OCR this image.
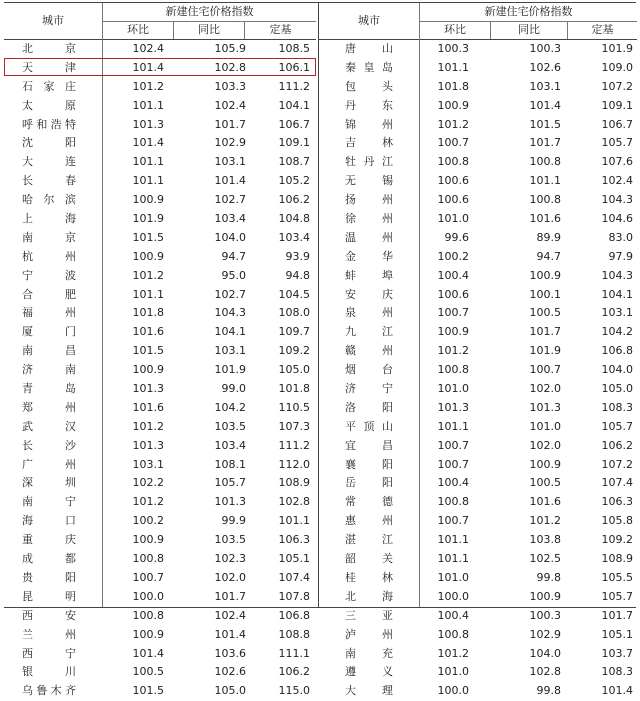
城市
新建住宅价格指数
环比	同比	定基
北京	102.4	105.9	108.5
天津	101.4	102.8	106.1
石家庄	101.2	103.3	111.2
太原	101.1	102.4	104.1
呼和浩特	101.3	101.7	106.7
沈阳	101.4	102.9	109.1
大连	101.1	103.1	108.7
长春	101.1	101.4	105.2
哈尔滨	100.9	102.7	106.2
上海	101.9	103.4	104.8
南京	101.5	104.0	103.4
杭州	100.9	94.7	93.9
宁波	101.2	95.0	94.8
合肥	101.1	102.7	104.5
福州	101.8	104.3	108.0
厦门	101.6	104.1	109.7
南昌	101.5	103.1	109.2
济南	100.9	101.9	105.0
青岛	101.3	99.0	101.8
郑州	101.6	104.2	110.5
武汉	101.2	103.5	107.3
长沙	101.3	103.4	111.2
广州	103.1	108.1	112.0
深圳	102.2	105.7	108.9
南宁	101.2	101.3	102.8
海口	100.2	99.9	101.1
重庆	100.9	103.5	106.3
成都	100.8	102.3	105.1
贵阳	100.7	102.0	107.4
昆明	100.0	101.7	107.8
西安	100.8	102.4	106.8
兰州	100.9	101.4	108.8
西宁	101.4	103.6	111.1
银川	100.5	102.6	106.2
乌鲁木齐	101.5	105.0	115.0
城市
新建住宅价格指数
环比	同比	定基
唐山	100.3	100.3	101.9
秦皇岛	101.1	102.6	109.0
包头	101.8	103.1	107.2
丹东	100.9	101.4	109.1
锦州	101.2	101.5	106.7
吉林	100.7	101.7	105.7
牡丹江	100.8	100.8	107.6
无锡	100.6	101.1	102.4
扬州	100.6	100.8	104.3
徐州	101.0	101.6	104.6
温州	99.6	89.9	83.0
金华	100.2	94.7	97.9
蚌埠	100.4	100.9	104.3
安庆	100.6	100.1	104.1
泉州	100.7	100.5	103.1
九江	100.9	101.7	104.2
赣州	101.2	101.9	106.8
烟台	100.8	100.7	104.0
济宁	101.0	102.0	105.0
洛阳	101.3	101.3	108.3
平顶山	101.1	101.0	105.7
宜昌	100.7	102.0	106.2
襄阳	100.7	100.9	107.2
岳阳	100.4	100.5	107.4
常德	100.8	101.6	106.3
惠州	100.7	101.2	105.8
湛江	101.1	103.8	109.2
韶关	101.1	102.5	108.9
桂林	101.0	99.8	105.5
北海	100.0	100.9	105.7
三亚	100.4	100.3	101.7
泸州	100.8	102.9	105.1
南充	101.2	104.0	103.7
遵义	101.0	102.8	108.3
大理	100.0	99.8	101.4
